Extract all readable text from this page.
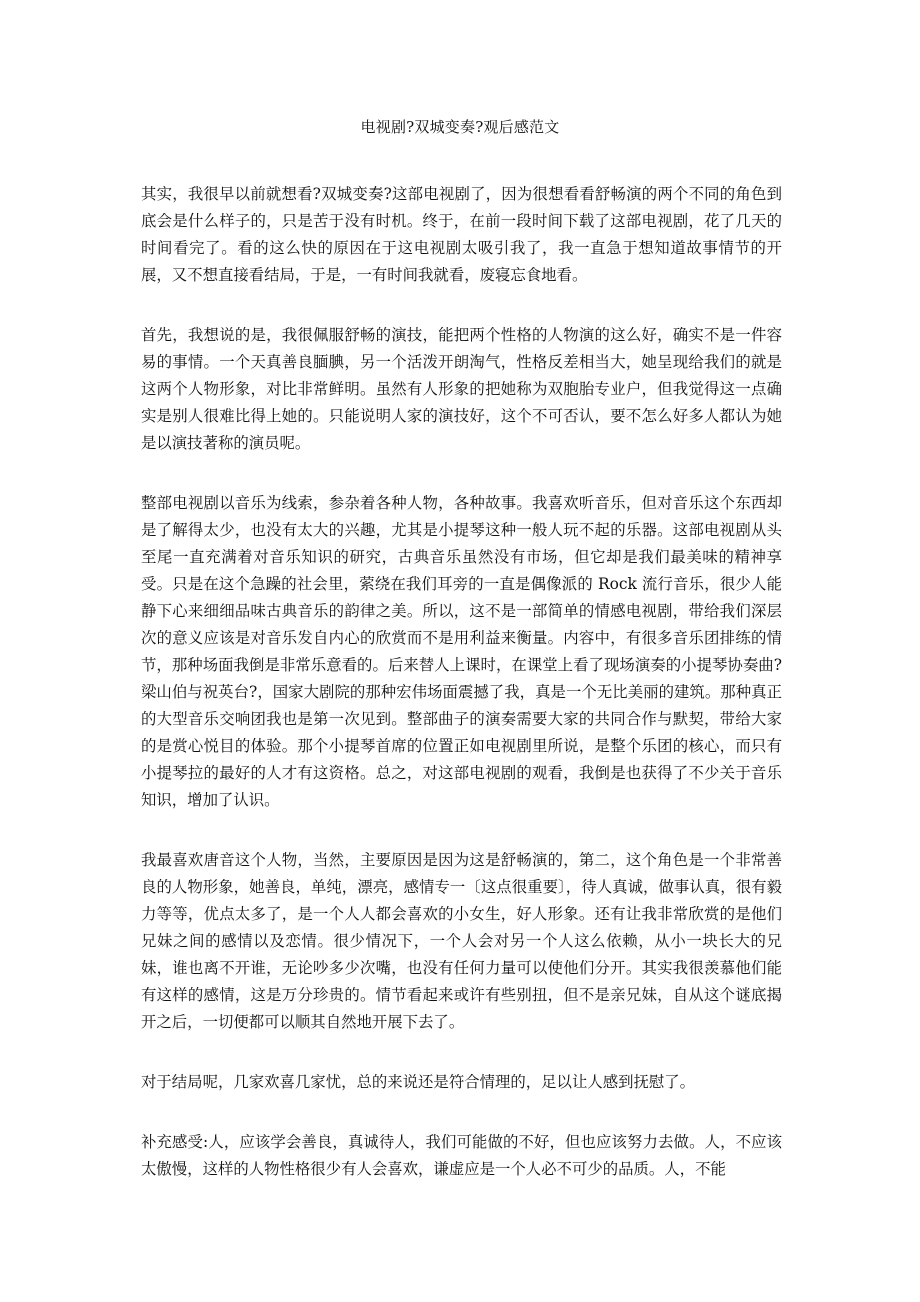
电视剧?双城变奏?观后感范文

其实，我很早以前就想看?双城变奏?这部电视剧了，因为很想看看舒畅演的两个不同的角色到底会是什么样子的，只是苦于没有时机。终于，在前一段时间下载了这部电视剧，花了几天的时间看完了。看的这么快的原因在于这电视剧太吸引我了，我一直急于想知道故事情节的开展，又不想直接看结局，于是，一有时间我就看，废寝忘食地看。

首先，我想说的是，我很佩服舒畅的演技，能把两个性格的人物演的这么好，确实不是一件容易的事情。一个天真善良腼腆，另一个活泼开朗淘气，性格反差相当大，她呈现给我们的就是这两个人物形象，对比非常鲜明。虽然有人形象的把她称为双胞胎专业户，但我觉得这一点确实是别人很难比得上她的。只能说明人家的演技好，这个不可否认，要不怎么好多人都认为她是以演技著称的演员呢。

整部电视剧以音乐为线索，参杂着各种人物，各种故事。我喜欢听音乐，但对音乐这个东西却是了解得太少，也没有太大的兴趣，尤其是小提琴这种一般人玩不起的乐器。这部电视剧从头至尾一直充满着对音乐知识的研究，古典音乐虽然没有市场，但它却是我们最美味的精神享受。只是在这个急躁的社会里，萦绕在我们耳旁的一直是偶像派的 Rock 流行音乐，很少人能静下心来细细品味古典音乐的韵律之美。所以，这不是一部简单的情感电视剧，带给我们深层次的意义应该是对音乐发自内心的欣赏而不是用利益来衡量。内容中，有很多音乐团排练的情节，那种场面我倒是非常乐意看的。后来替人上课时，在课堂上看了现场演奏的小提琴协奏曲?梁山伯与祝英台?，国家大剧院的那种宏伟场面震撼了我，真是一个无比美丽的建筑。那种真正的大型音乐交响团我也是第一次见到。整部曲子的演奏需要大家的共同合作与默契，带给大家的是赏心悦目的体验。那个小提琴首席的位置正如电视剧里所说，是整个乐团的核心，而只有小提琴拉的最好的人才有这资格。总之，对这部电视剧的观看，我倒是也获得了不少关于音乐知识，增加了认识。

我最喜欢唐音这个人物，当然，主要原因是因为这是舒畅演的，第二，这个角色是一个非常善良的人物形象，她善良，单纯，漂亮，感情专一〔这点很重要〕，待人真诚，做事认真，很有毅力等等，优点太多了，是一个人人都会喜欢的小女生，好人形象。还有让我非常欣赏的是他们兄妹之间的感情以及恋情。很少情况下，一个人会对另一个人这么依赖，从小一块长大的兄妹，谁也离不开谁，无论吵多少次嘴，也没有任何力量可以使他们分开。其实我很羡慕他们能有这样的感情，这是万分珍贵的。情节看起来或许有些别扭，但不是亲兄妹，自从这个谜底揭开之后，一切便都可以顺其自然地开展下去了。

对于结局呢，几家欢喜几家忧，总的来说还是符合情理的，足以让人感到抚慰了。

补充感受:人，应该学会善良，真诚待人，我们可能做的不好，但也应该努力去做。人，不应该太傲慢，这样的人物性格很少有人会喜欢，谦虚应是一个人必不可少的品质。人，不能
